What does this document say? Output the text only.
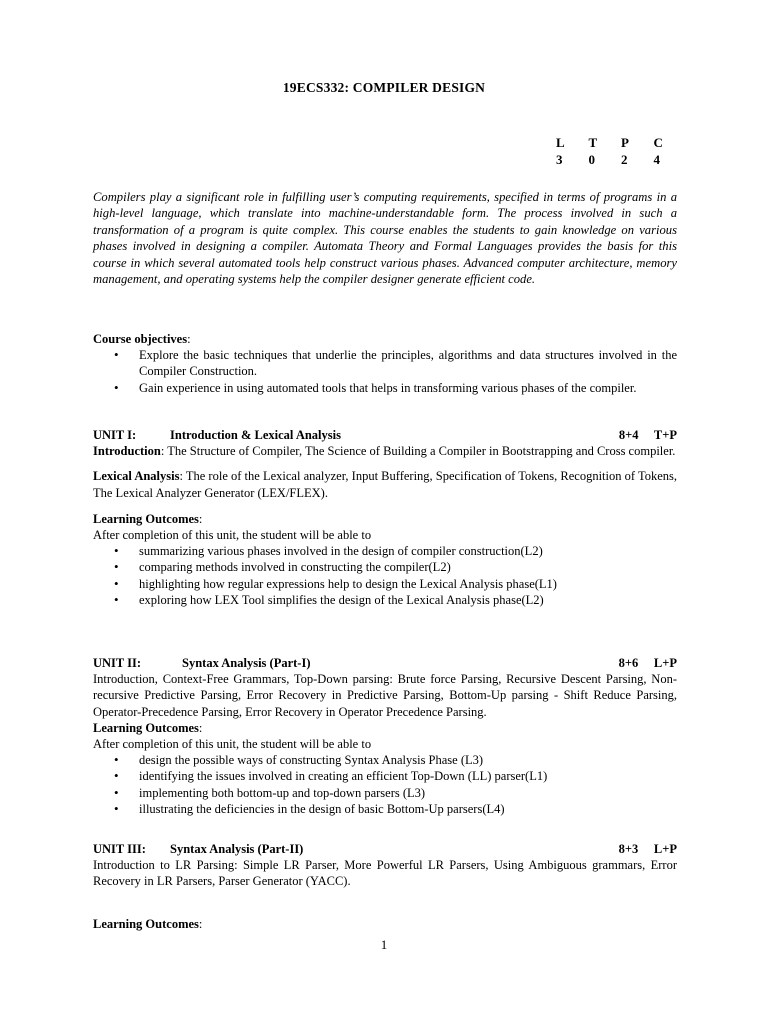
19ECS332: COMPILER DESIGN
L	T	P	C
3	0	2	4
Compilers play a significant role in fulfilling user’s computing requirements, specified in terms of programs in a high-level language, which translate into machine-understandable form. The process involved in such a transformation of a program is quite complex. This course enables the students to gain knowledge on various phases involved in designing a compiler. Automata Theory and Formal Languages provides the basis for this course in which several automated tools help construct various phases. Advanced computer architecture, memory management, and operating systems help the compiler designer generate efficient code.
Course objectives:
• Explore the basic techniques that underlie the principles, algorithms and data structures involved in the Compiler Construction.
• Gain experience in using automated tools that helps in transforming various phases of the compiler.
UNIT I:	Introduction & Lexical Analysis	8+4     T+P
Introduction: The Structure of Compiler, The Science of Building a Compiler in Bootstrapping and Cross compiler.
Lexical Analysis: The role of the Lexical analyzer, Input Buffering, Specification of Tokens, Recognition of Tokens, The Lexical Analyzer Generator (LEX/FLEX).
Learning Outcomes:
After completion of this unit, the student will be able to
• summarizing various phases involved in the design of compiler construction(L2)
• comparing methods involved in constructing the compiler(L2)
• highlighting how regular expressions help to design the Lexical Analysis phase(L1)
• exploring how LEX Tool simplifies the design of the Lexical Analysis phase(L2)
UNIT II:	Syntax Analysis (Part-I)	8+6     L+P
Introduction, Context-Free Grammars, Top-Down parsing: Brute force Parsing, Recursive Descent Parsing, Non-recursive Predictive Parsing, Error Recovery in Predictive Parsing, Bottom-Up parsing - Shift Reduce Parsing, Operator-Precedence Parsing, Error Recovery in Operator Precedence Parsing.
Learning Outcomes:
After completion of this unit, the student will be able to
• design the possible ways of constructing Syntax Analysis Phase (L3)
• identifying the issues involved in creating an efficient Top-Down (LL) parser(L1)
• implementing both bottom-up and top-down parsers (L3)
• illustrating the deficiencies in the design of basic Bottom-Up parsers(L4)
UNIT III:	Syntax Analysis (Part-II)	8+3     L+P
Introduction to LR Parsing: Simple LR Parser, More Powerful LR Parsers, Using Ambiguous grammars, Error Recovery in LR Parsers, Parser Generator (YACC).
Learning Outcomes:
1
